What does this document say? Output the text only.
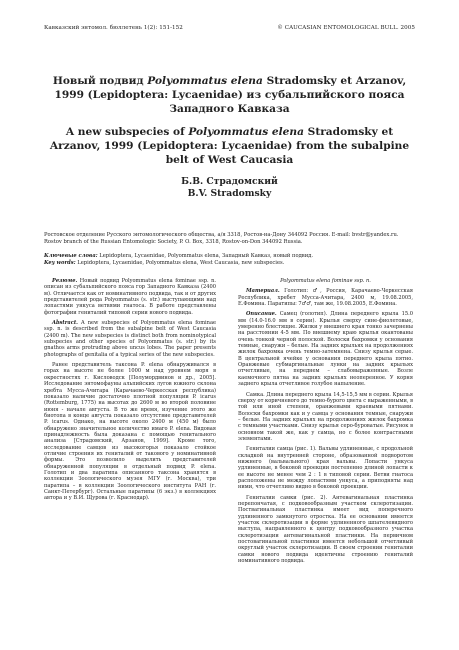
Кавказский энтомол. бюллетень 1(2): 151-152	© CAUCASIAN ENTOMOLOGICAL BULL. 2005
Новый подвид Polyommatus elena Stradomsky et Arzanov, 1999 (Lepidoptera: Lycaenidae) из субальпийского пояса Западного Кавказа
A new subspecies of Polyommatus elena Stradomsky et Arzanov, 1999 (Lepidoptera: Lycaenidae) from the subalpine belt of West Caucasia
Б.В. Страдомский
B.V. Stradomsky
Ростовское отделение Русского энтомологического общества, а/я 3318, Ростов-на-Дону 344092 Россия. E-mail: bvstr@yandex.ru.
Rostov branch of the Russian Entomologic Society, P. O. Box, 3318, Rostov-on-Don 344092 Russia.
Ключевые слова: Lepidoptera, Lycaenidae, Polyommatus elena, Западный Кавказ, новый подвид.
Key words: Lepidoptera, Lycaenidae, Polyommatus elena, West Caucasia, new subspecies.

Резюме. Новый подвид Polyommatus elena fominae ssp. n. описан из субальпийского пояса гор Западного Кавказа (2400 м). Отличается как от номинативного подвида, так и от других представителей рода Polyommatus (s. str.) выступающими над лопастями ункуса ветвями гнатоса. В работе представлены фотографии гениталий типовой серии нового подвида.

Abstract. A new subspecies of Polyommatus elena fominae ssp. n. is described from the subalpine belt of West Caucasia (2400 m). The new subspecies is distinct both from nominotypical subspecies and other species of Polyommatus (s. str.) by its gnathos arms protruding above uncus lobes. The paper presents photographs of genitalia of a typical series of the new subspecies.

Ранее представитель таксона P. elena обнаруживался в горах на высоте не более 1000 м над уровнем моря в окрестностях г. Кисловодск [Полумордвинов и др., 2005]. Исследование энтомофауны альпийских лугов южного склона хребта Мусса-Ачитара (Карачаево-Черкесская республика) показало наличие достаточно плотной популяции P. icarus (Rottemburg, 1775) на высотах до 2600 м во второй половине июня - начале августа. В то же время, изучение этого же биотопа в конце августа показало отсутствие представителей P. icarus. Однако, на высоте около 2400 м (450 м) было обнаружено значительное количество имаго P. elena. Видовая принадлежность была доказана с помощью генитального анализа [Страдомский, Арзанов, 1999]. Кроме того, исследование самцов из высокогорья показало стойкое отличие строения их гениталий от такового у номинативной формы. Это позволило выделить представителей обнаруженной популяции в отдельный подвид P. elena. Голотип и два паратипа описанного таксона хранятся в коллекции Зоологического музея МГУ (г. Москва), три паратипа – в коллекции Зоологического института РАН (г. Санкт-Петербург). Остальные паратипы (6 экз.) в коллекциях автора и у В.И. Щурова (г. Краснодар).

Polyommatus elena fominae ssp. n.

Материал. Голотип: ♂, Россия, Карачаево-Черкесская Республика, хребет Мусса-Ачитара, 2400 м, 19.08.2005, Е.Фомина. Паратипы: 7♂♂, там же, 19.08.2005, Е.Фомина.

Описание. Самец (голотип). Длина переднего крыла 15.0 мм (14.0-16.0 мм в серии). Крылья сверху сине-фиолетовые, умеренно блестящие. Жилки у внешнего края тонко зачернены на расстоянии 4-5 мм. По внешнему краю крылья окантованы очень тонкой черной полоской. Волоски бахромки у основания темные, снаружи – белые. На задних крыльях на продолжениях жилок бахромка очень темно-затемнена. Снизу крылья серые. В центральной ячейке у основания переднего крыла пятно. Оранжевые субмаргинальные лунки на задних крыльях отчетливые, на переднем – слабовыраженные. Возле каемочного пятна на задних крыльях неоперенное. У корня заднего крыла отчетливое голубое напыление.

Самка. Длина переднего крыла 14,5-15,5 мм в серии. Крылья сверху от коричневого до темно-бурого цвета с выраженными, в той или иной степени, оранжевыми краевыми пятнами. Волоски бахромки как и у самца у основания темные, снаружи – белые. На задних крыльях на продолжениях жилок бахромка с темными участками. Снизу крылья серо-буроватые. Рисунок в основном такой же, как у самца, но с более контрастными элементами.

Гениталии самца (рис. 1). Вальвы удлиненные, с продольной складкой на внутренней стороне, образованной подворотом нижнего (вальвального) края вальвы. Лопасти ункуса удлиненные, в боковой проекции постепенно длиной лопасти к ее высоте не менее чем 2 : 1 в типовой серии. Ветви гнатоса расположены не между лопастями ункуса, а приподняты над ними, что отчетливо видно в боковой проекции.

Гениталии самки (рис. 2). Антевагинальная пластинка перепончатая, с подковообразным участком склеротизации. Поствагинальная пластинка имеет вид поперечного удлиненного замкнутого отростка. На ее основании имеется участок склеротизации в форме удлиненного шпателевидного выступа, направленного к центру подковообразного участка склеротизации антевагинальной пластинки. На первичном постовагинальной пластинки имеется небольшой отчетливый округлый участок склеротизации. В своем строении гениталии самки нового подвида идентичны строению гениталий номинативного подвида.
